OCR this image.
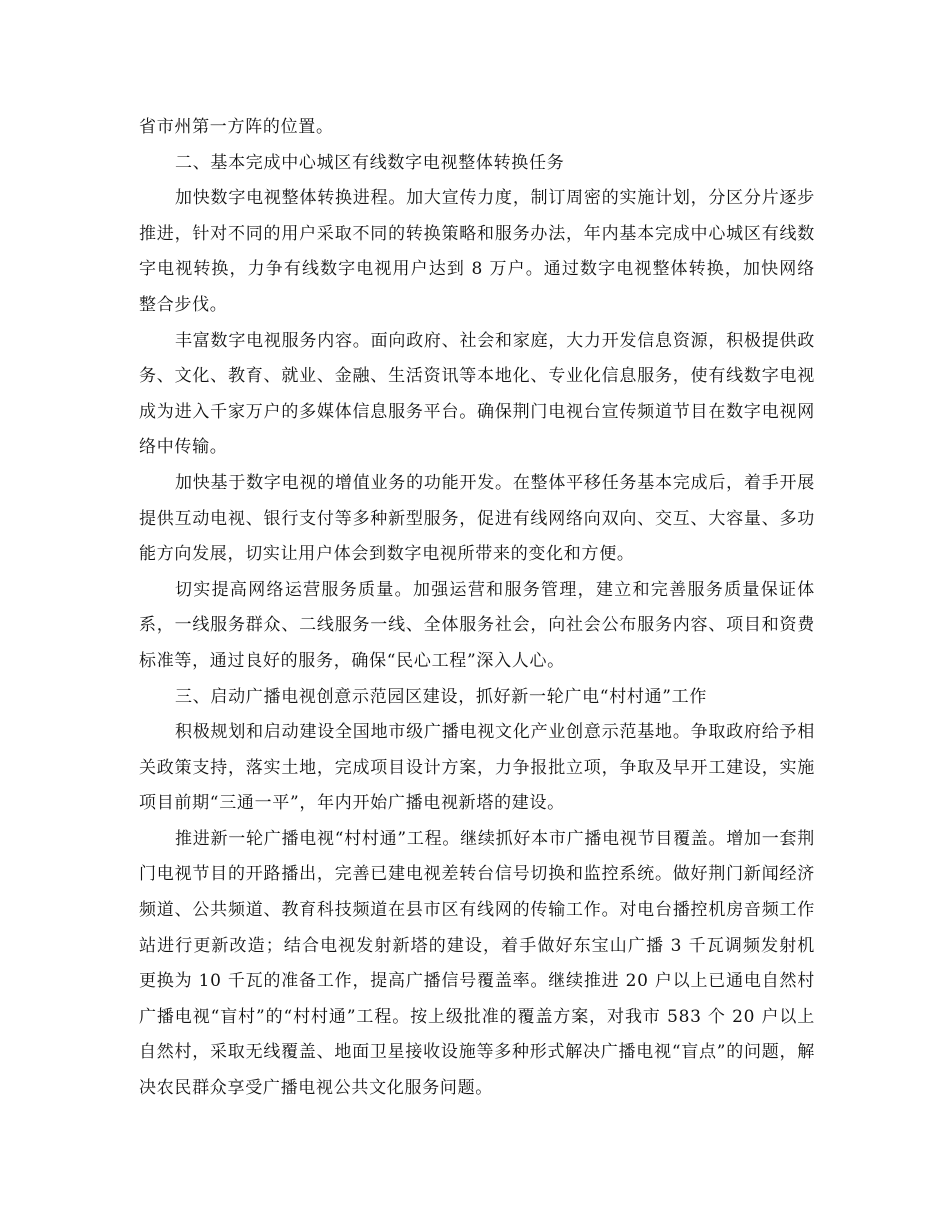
省市州第一方阵的位置。

二、基本完成中心城区有线数字电视整体转换任务

加快数字电视整体转换进程。加大宣传力度，制订周密的实施计划，分区分片逐步推进，针对不同的用户采取不同的转换策略和服务办法，年内基本完成中心城区有线数字电视转换，力争有线数字电视用户达到 8 万户。通过数字电视整体转换，加快网络整合步伐。

丰富数字电视服务内容。面向政府、社会和家庭，大力开发信息资源，积极提供政务、文化、教育、就业、金融、生活资讯等本地化、专业化信息服务，使有线数字电视成为进入千家万户的多媒体信息服务平台。确保荆门电视台宣传频道节目在数字电视网络中传输。

加快基于数字电视的增值业务的功能开发。在整体平移任务基本完成后，着手开展提供互动电视、银行支付等多种新型服务，促进有线网络向双向、交互、大容量、多功能方向发展，切实让用户体会到数字电视所带来的变化和方便。

切实提高网络运营服务质量。加强运营和服务管理，建立和完善服务质量保证体系，一线服务群众、二线服务一线、全体服务社会，向社会公布服务内容、项目和资费标准等，通过良好的服务，确保“民心工程”深入人心。

三、启动广播电视创意示范园区建设，抓好新一轮广电“村村通”工作

积极规划和启动建设全国地市级广播电视文化产业创意示范基地。争取政府给予相关政策支持，落实土地，完成项目设计方案，力争报批立项，争取及早开工建设，实施项目前期“三通一平”，年内开始广播电视新塔的建设。

推进新一轮广播电视“村村通”工程。继续抓好本市广播电视节目覆盖。增加一套荆门电视节目的开路播出，完善已建电视差转台信号切换和监控系统。做好荆门新闻经济频道、公共频道、教育科技频道在县市区有线网的传输工作。对电台播控机房音频工作站进行更新改造；结合电视发射新塔的建设，着手做好东宝山广播 3 千瓦调频发射机更换为 10 千瓦的准备工作，提高广播信号覆盖率。继续推进 20 户以上已通电自然村广播电视“盲村”的“村村通”工程。按上级批准的覆盖方案，对我市 583 个 20 户以上自然村，采取无线覆盖、地面卫星接收设施等多种形式解决广播电视“盲点”的问题，解决农民群众享受广播电视公共文化服务问题。
